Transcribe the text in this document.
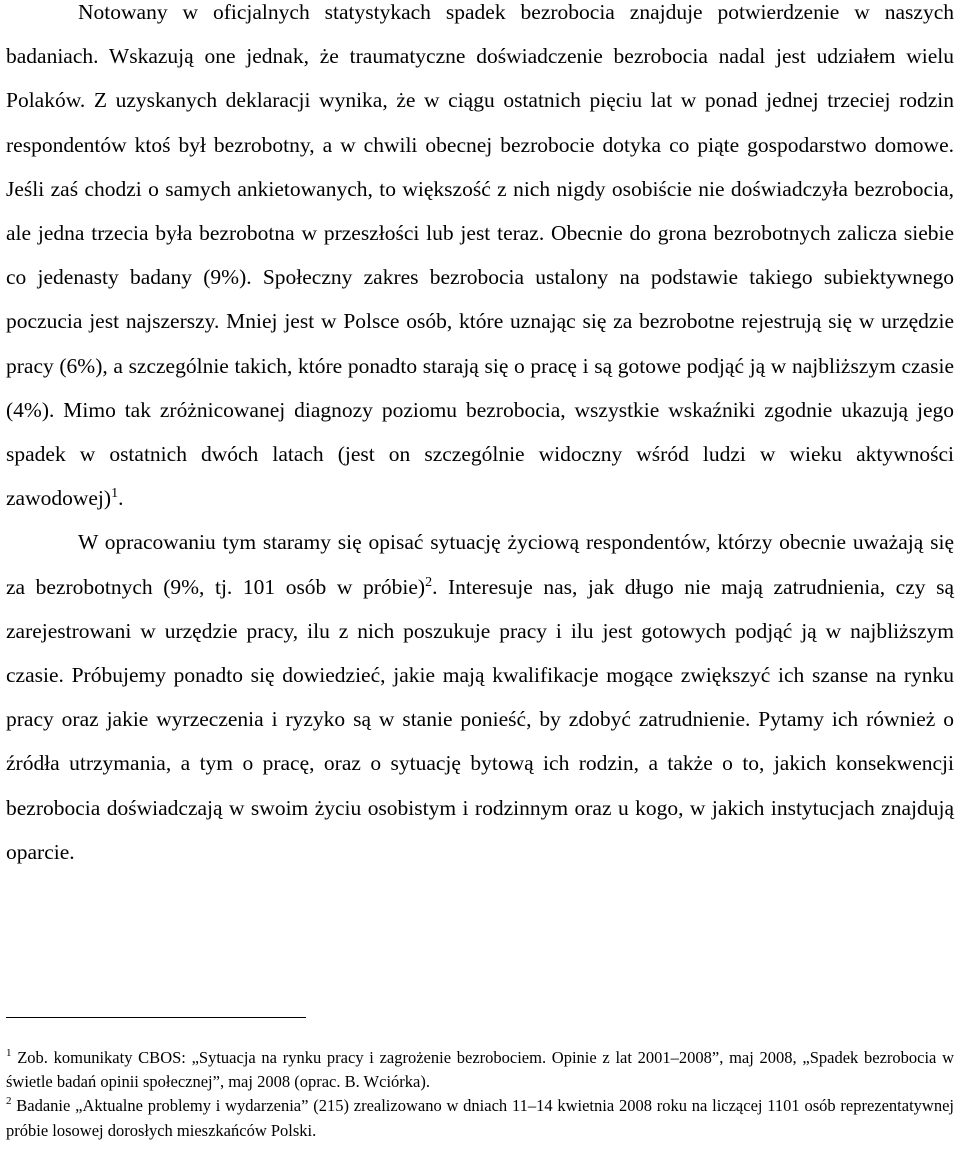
Notowany w oficjalnych statystykach spadek bezrobocia znajduje potwierdzenie w naszych badaniach. Wskazują one jednak, że traumatyczne doświadczenie bezrobocia nadal jest udziałem wielu Polaków. Z uzyskanych deklaracji wynika, że w ciągu ostatnich pięciu lat w ponad jednej trzeciej rodzin respondentów ktoś był bezrobotny, a w chwili obecnej bezrobocie dotyka co piąte gospodarstwo domowe. Jeśli zaś chodzi o samych ankietowanych, to większość z nich nigdy osobiście nie doświadczyła bezrobocia, ale jedna trzecia była bezrobotna w przeszłości lub jest teraz. Obecnie do grona bezrobotnych zalicza siebie co jedenasty badany (9%). Społeczny zakres bezrobocia ustalony na podstawie takiego subiektywnego poczucia jest najszerszy. Mniej jest w Polsce osób, które uznając się za bezrobotne rejestrują się w urzędzie pracy (6%), a szczególnie takich, które ponadto starają się o pracę i są gotowe podjąć ją w najbliższym czasie (4%). Mimo tak zróżnicowanej diagnozy poziomu bezrobocia, wszystkie wskaźniki zgodnie ukazują jego spadek w ostatnich dwóch latach (jest on szczególnie widoczny wśród ludzi w wieku aktywności zawodowej)$^1$.

W opracowaniu tym staramy się opisać sytuację życiową respondentów, którzy obecnie uważają się za bezrobotnych (9%, tj. 101 osób w próbie)$^2$. Interesuje nas, jak długo nie mają zatrudnienia, czy są zarejestrowani w urzędzie pracy, ilu z nich poszukuje pracy i ilu jest gotowych podjąć ją w najbliższym czasie. Próbujemy ponadto się dowiedzieć, jakie mają kwalifikacje mogące zwiększyć ich szanse na rynku pracy oraz jakie wyrzeczenia i ryzyko są w stanie ponieść, by zdobyć zatrudnienie. Pytamy ich również o źródła utrzymania, a tym o pracę, oraz o sytuację bytową ich rodzin, a także o to, jakich konsekwencji bezrobocia doświadczają w swoim życiu osobistym i rodzinnym oraz u kogo, w jakich instytucjach znajdują oparcie.

$^1$ Zob. komunikaty CBOS: „Sytuacja na rynku pracy i zagrożenie bezrobociem. Opinie z lat 2001–2008”, maj 2008, „Spadek bezrobocia w świetle badań opinii społecznej”, maj 2008 (oprac. B. Wciórka).

$^2$ Badanie „Aktualne problemy i wydarzenia” (215) zrealizowano w dniach 11–14 kwietnia 2008 roku na liczącej 1101 osób reprezentatywnej próbie losowej dorosłych mieszkańców Polski.
